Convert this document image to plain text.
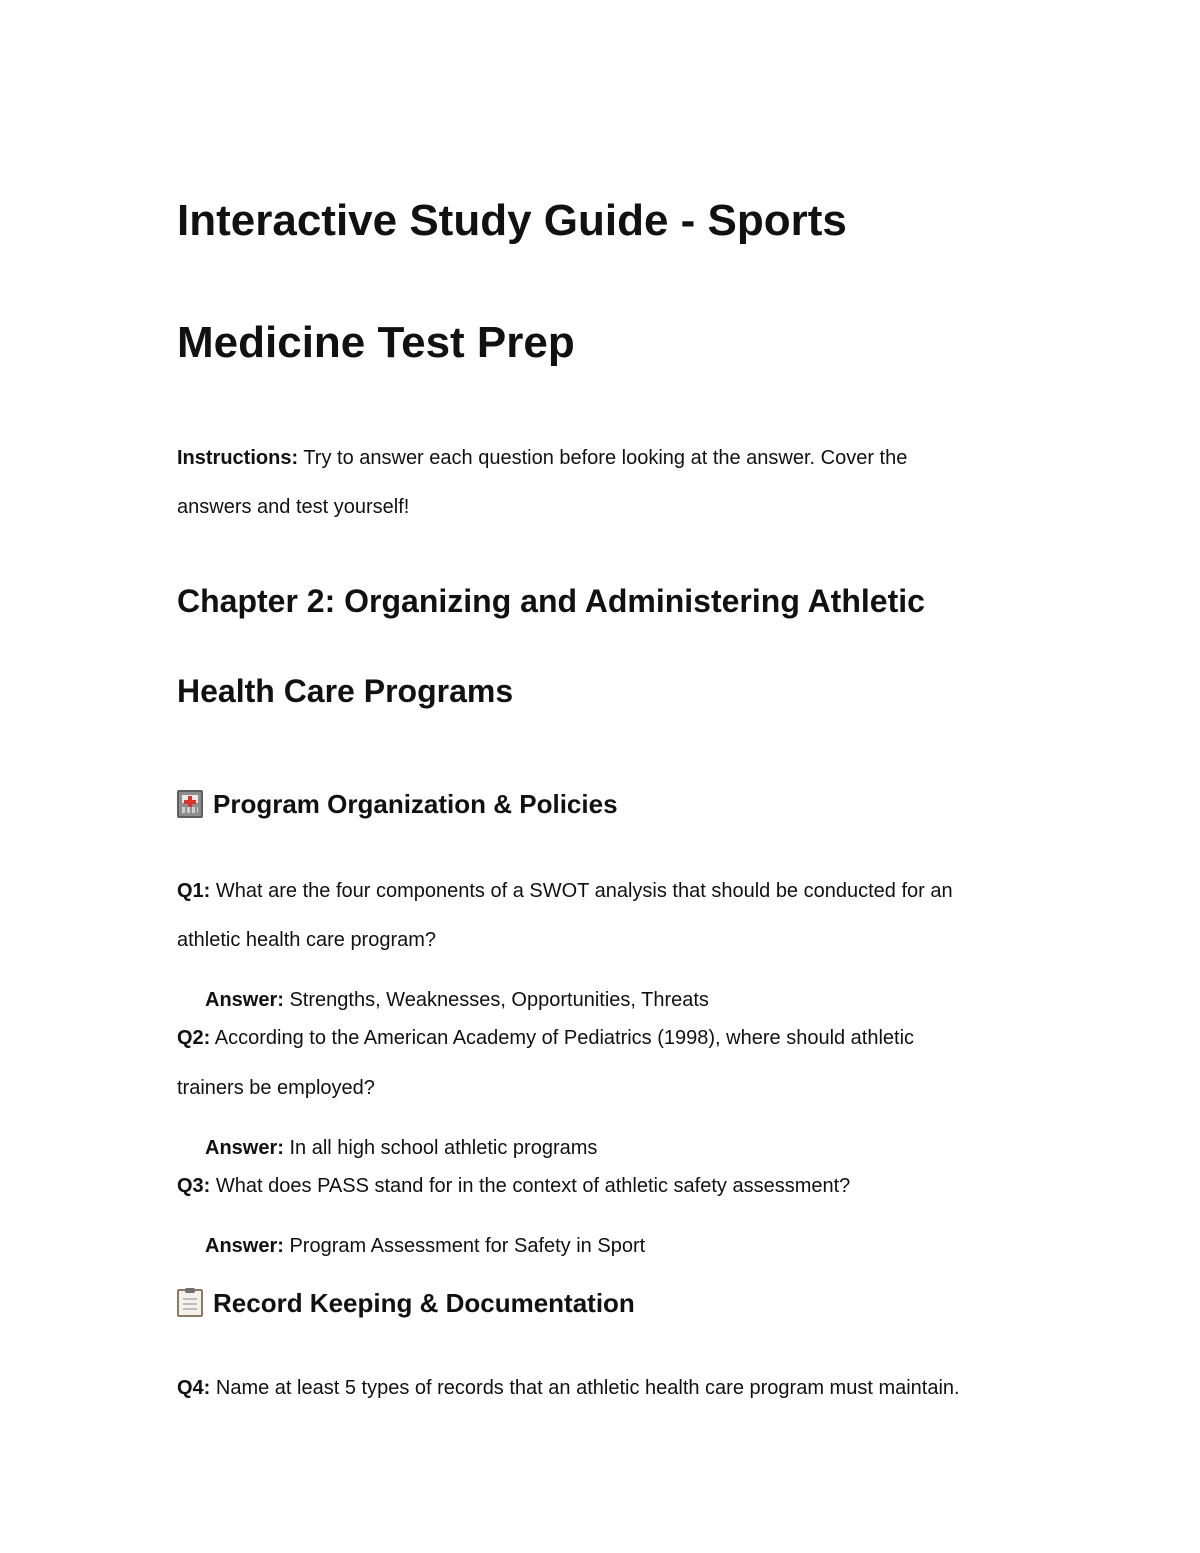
Interactive Study Guide - Sports
Medicine Test Prep
Instructions: Try to answer each question before looking at the answer. Cover the
answers and test yourself!
Chapter 2: Organizing and Administering Athletic
Health Care Programs
Program Organization & Policies
Q1: What are the four components of a SWOT analysis that should be conducted for an
athletic health care program?
Answer: Strengths, Weaknesses, Opportunities, Threats
Q2: According to the American Academy of Pediatrics (1998), where should athletic
trainers be employed?
Answer: In all high school athletic programs
Q3: What does PASS stand for in the context of athletic safety assessment?
Answer: Program Assessment for Safety in Sport
Record Keeping & Documentation
Q4: Name at least 5 types of records that an athletic health care program must maintain.
